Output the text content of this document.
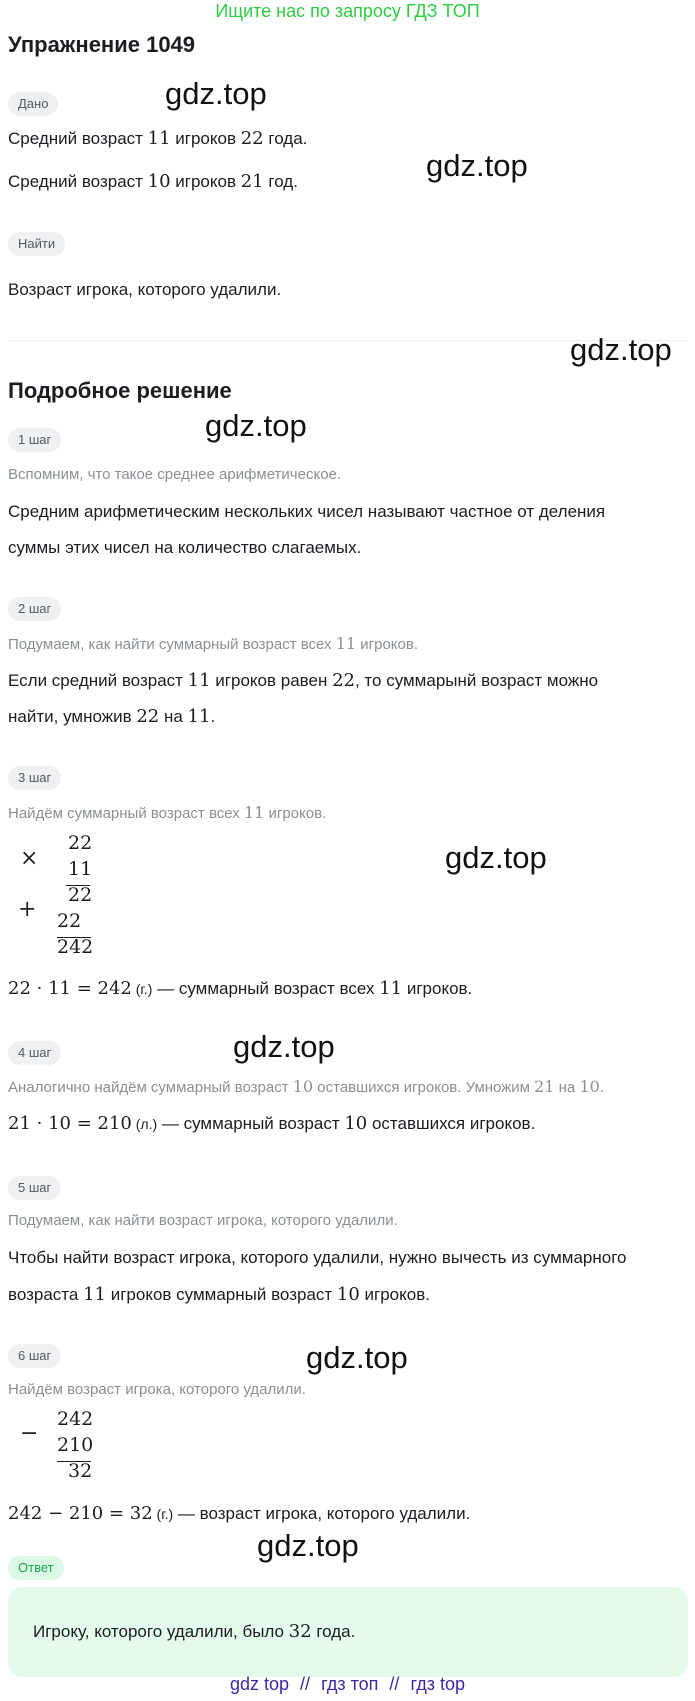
Ищите нас по запросу ГДЗ ТОП
Упражнение 1049
Дано
Средний возраст 11 игроков 22 года.
Средний возраст 10 игроков 21 год.
Найти
Возраст игрока, которого удалили.
Подробное решение
1 шаг
Вспомним, что такое среднее арифметическое.
Средним арифметическим нескольких чисел называют частное от деления
суммы этих чисел на количество слагаемых.
2 шаг
Подумаем, как найти суммарный возраст всех 11 игроков.
Если средний возраст 11 игроков равен 22, то суммарынй возраст можно
найти, умножив 22 на 11.
3 шаг
Найдём суммарный возраст всех 11 игроков.
×
22
11
22
+ 22
242
22 · 11 = 242 (г.) — суммарный возраст всех 11 игроков.
4 шаг
Аналогично найдём суммарный возраст 10 оставшихся игроков. Умножим 21 на 10.
21 · 10 = 210 (л.) — суммарный возраст 10 оставшихся игроков.
5 шаг
Подумаем, как найти возраст игрока, которого удалили.
Чтобы найти возраст игрока, которого удалили, нужно вычесть из суммарного
возраста 11 игроков суммарный возраст 10 игроков.
6 шаг
Найдём возраст игрока, которого удалили.
−
242
210
32
242 − 210 = 32 (г.) — возраст игрока, которого удалили.
Ответ
Игроку, которого удалили, было 32 года.
gdz.top
gdz.top
gdz.top
gdz.top
gdz.top
gdz.top
gdz.top
gdz.top
gdz top // гдз топ // гдз top
